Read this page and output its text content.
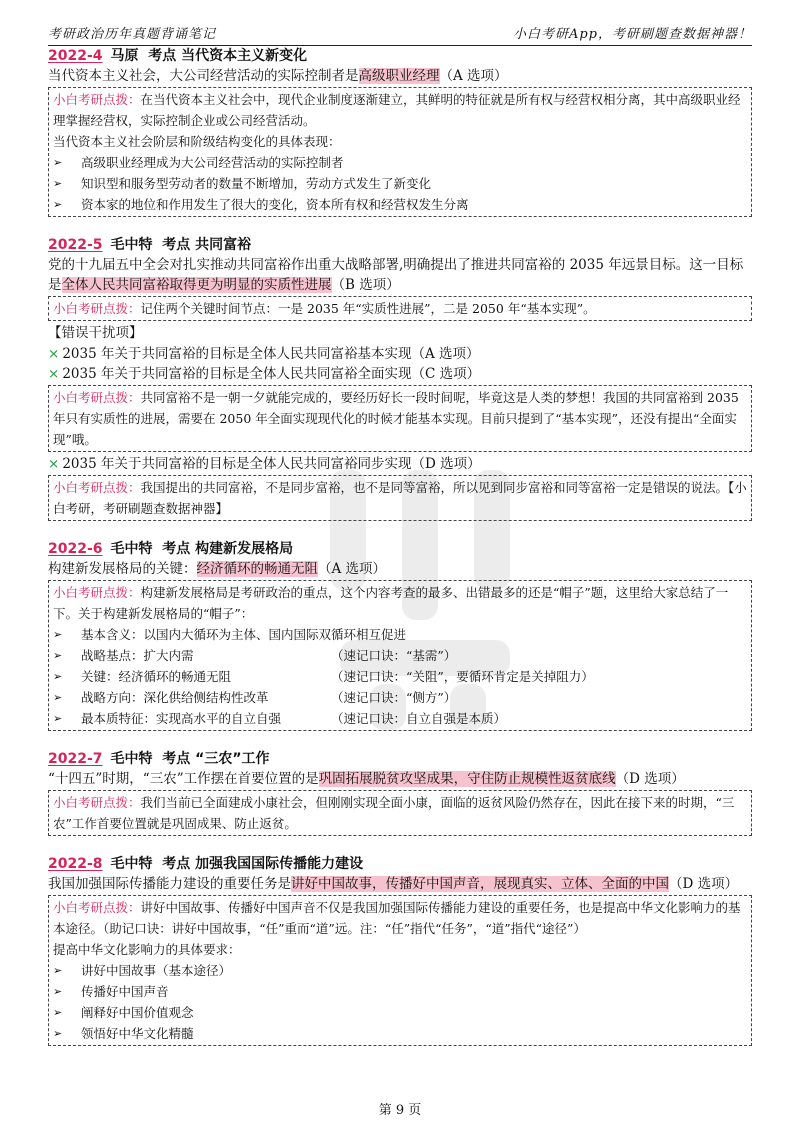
考研政治历年真题背诵笔记	小白考研App，考研刷题查数据神器！

2022-4 马原 考点 当代资本主义新变化

当代资本主义社会，大公司经营活动的实际控制者是高级职业经理（A 选项）

小白考研点拨：在当代资本主义社会中，现代企业制度逐渐建立，其鲜明的特征就是所有权与经营权相分离，其中高级职业经理掌握经营权，实际控制企业或公司经营活动。

当代资本主义社会阶层和阶级结构变化的具体表现：

➢	高级职业经理成为大公司经营活动的实际控制者
➢	知识型和服务型劳动者的数量不断增加，劳动方式发生了新变化
➢	资本家的地位和作用发生了很大的变化，资本所有权和经营权发生分离

2022-5 毛中特 考点 共同富裕

党的十九届五中全会对扎实推动共同富裕作出重大战略部署,明确提出了推进共同富裕的 2035 年远景目标。这一目标是全体人民共同富裕取得更为明显的实质性进展（B 选项）

小白考研点拨：记住两个关键时间节点：一是 2035 年“实质性进展”，二是 2050 年“基本实现”。

【错误干扰项】

× 2035 年关于共同富裕的目标是全体人民共同富裕基本实现（A 选项）

× 2035 年关于共同富裕的目标是全体人民共同富裕全面实现（C 选项）

小白考研点拨：共同富裕不是一朝一夕就能完成的，要经历好长一段时间呢，毕竟这是人类的梦想！我国的共同富裕到 2035 年只有实质性的进展，需要在 2050 年全面实现现代化的时候才能基本实现。目前只提到了“基本实现”，还没有提出“全面实现”哦。

× 2035 年关于共同富裕的目标是全体人民共同富裕同步实现（D 选项）

小白考研点拨：我国提出的共同富裕，不是同步富裕，也不是同等富裕，所以见到同步富裕和同等富裕一定是错误的说法。【小白考研，考研刷题查数据神器】

2022-6 毛中特 考点 构建新发展格局

构建新发展格局的关键：经济循环的畅通无阻（A 选项）

小白考研点拨：构建新发展格局是考研政治的重点，这个内容考查的最多、出错最多的还是“帽子”题，这里给大家总结了一下。关于构建新发展格局的“帽子”：

➢	基本含义：以国内大循环为主体、国内国际双循环相互促进
➢	战略基点：扩大内需	（速记口诀：“基需”）
➢	关键：经济循环的畅通无阻	（速记口诀：“关阻”，要循环肯定是关掉阻力）
➢	战略方向：深化供给侧结构性改革	（速记口诀：“侧方”）
➢	最本质特征：实现高水平的自立自强	（速记口诀：自立自强是本质）

2022-7 毛中特 考点 “三农”工作

“十四五”时期，“三农”工作摆在首要位置的是巩固拓展脱贫攻坚成果，守住防止规模性返贫底线（D 选项）

小白考研点拨：我们当前已全面建成小康社会，但刚刚实现全面小康，面临的返贫风险仍然存在，因此在接下来的时期，“三农”工作首要位置就是巩固成果、防止返贫。

2022-8 毛中特 考点 加强我国国际传播能力建设

我国加强国际传播能力建设的重要任务是讲好中国故事，传播好中国声音，展现真实、立体、全面的中国（D 选项）

小白考研点拨：讲好中国故事、传播好中国声音不仅是我国加强国际传播能力建设的重要任务，也是提高中华文化影响力的基本途径。（助记口诀：讲好中国故事，“任”重而“道”远。注：“任”指代“任务”，“道”指代“途径”）

提高中华文化影响力的具体要求：

➢	讲好中国故事（基本途径）
➢	传播好中国声音
➢	阐释好中国价值观念
➢	领悟好中华文化精髓
第 9 页
